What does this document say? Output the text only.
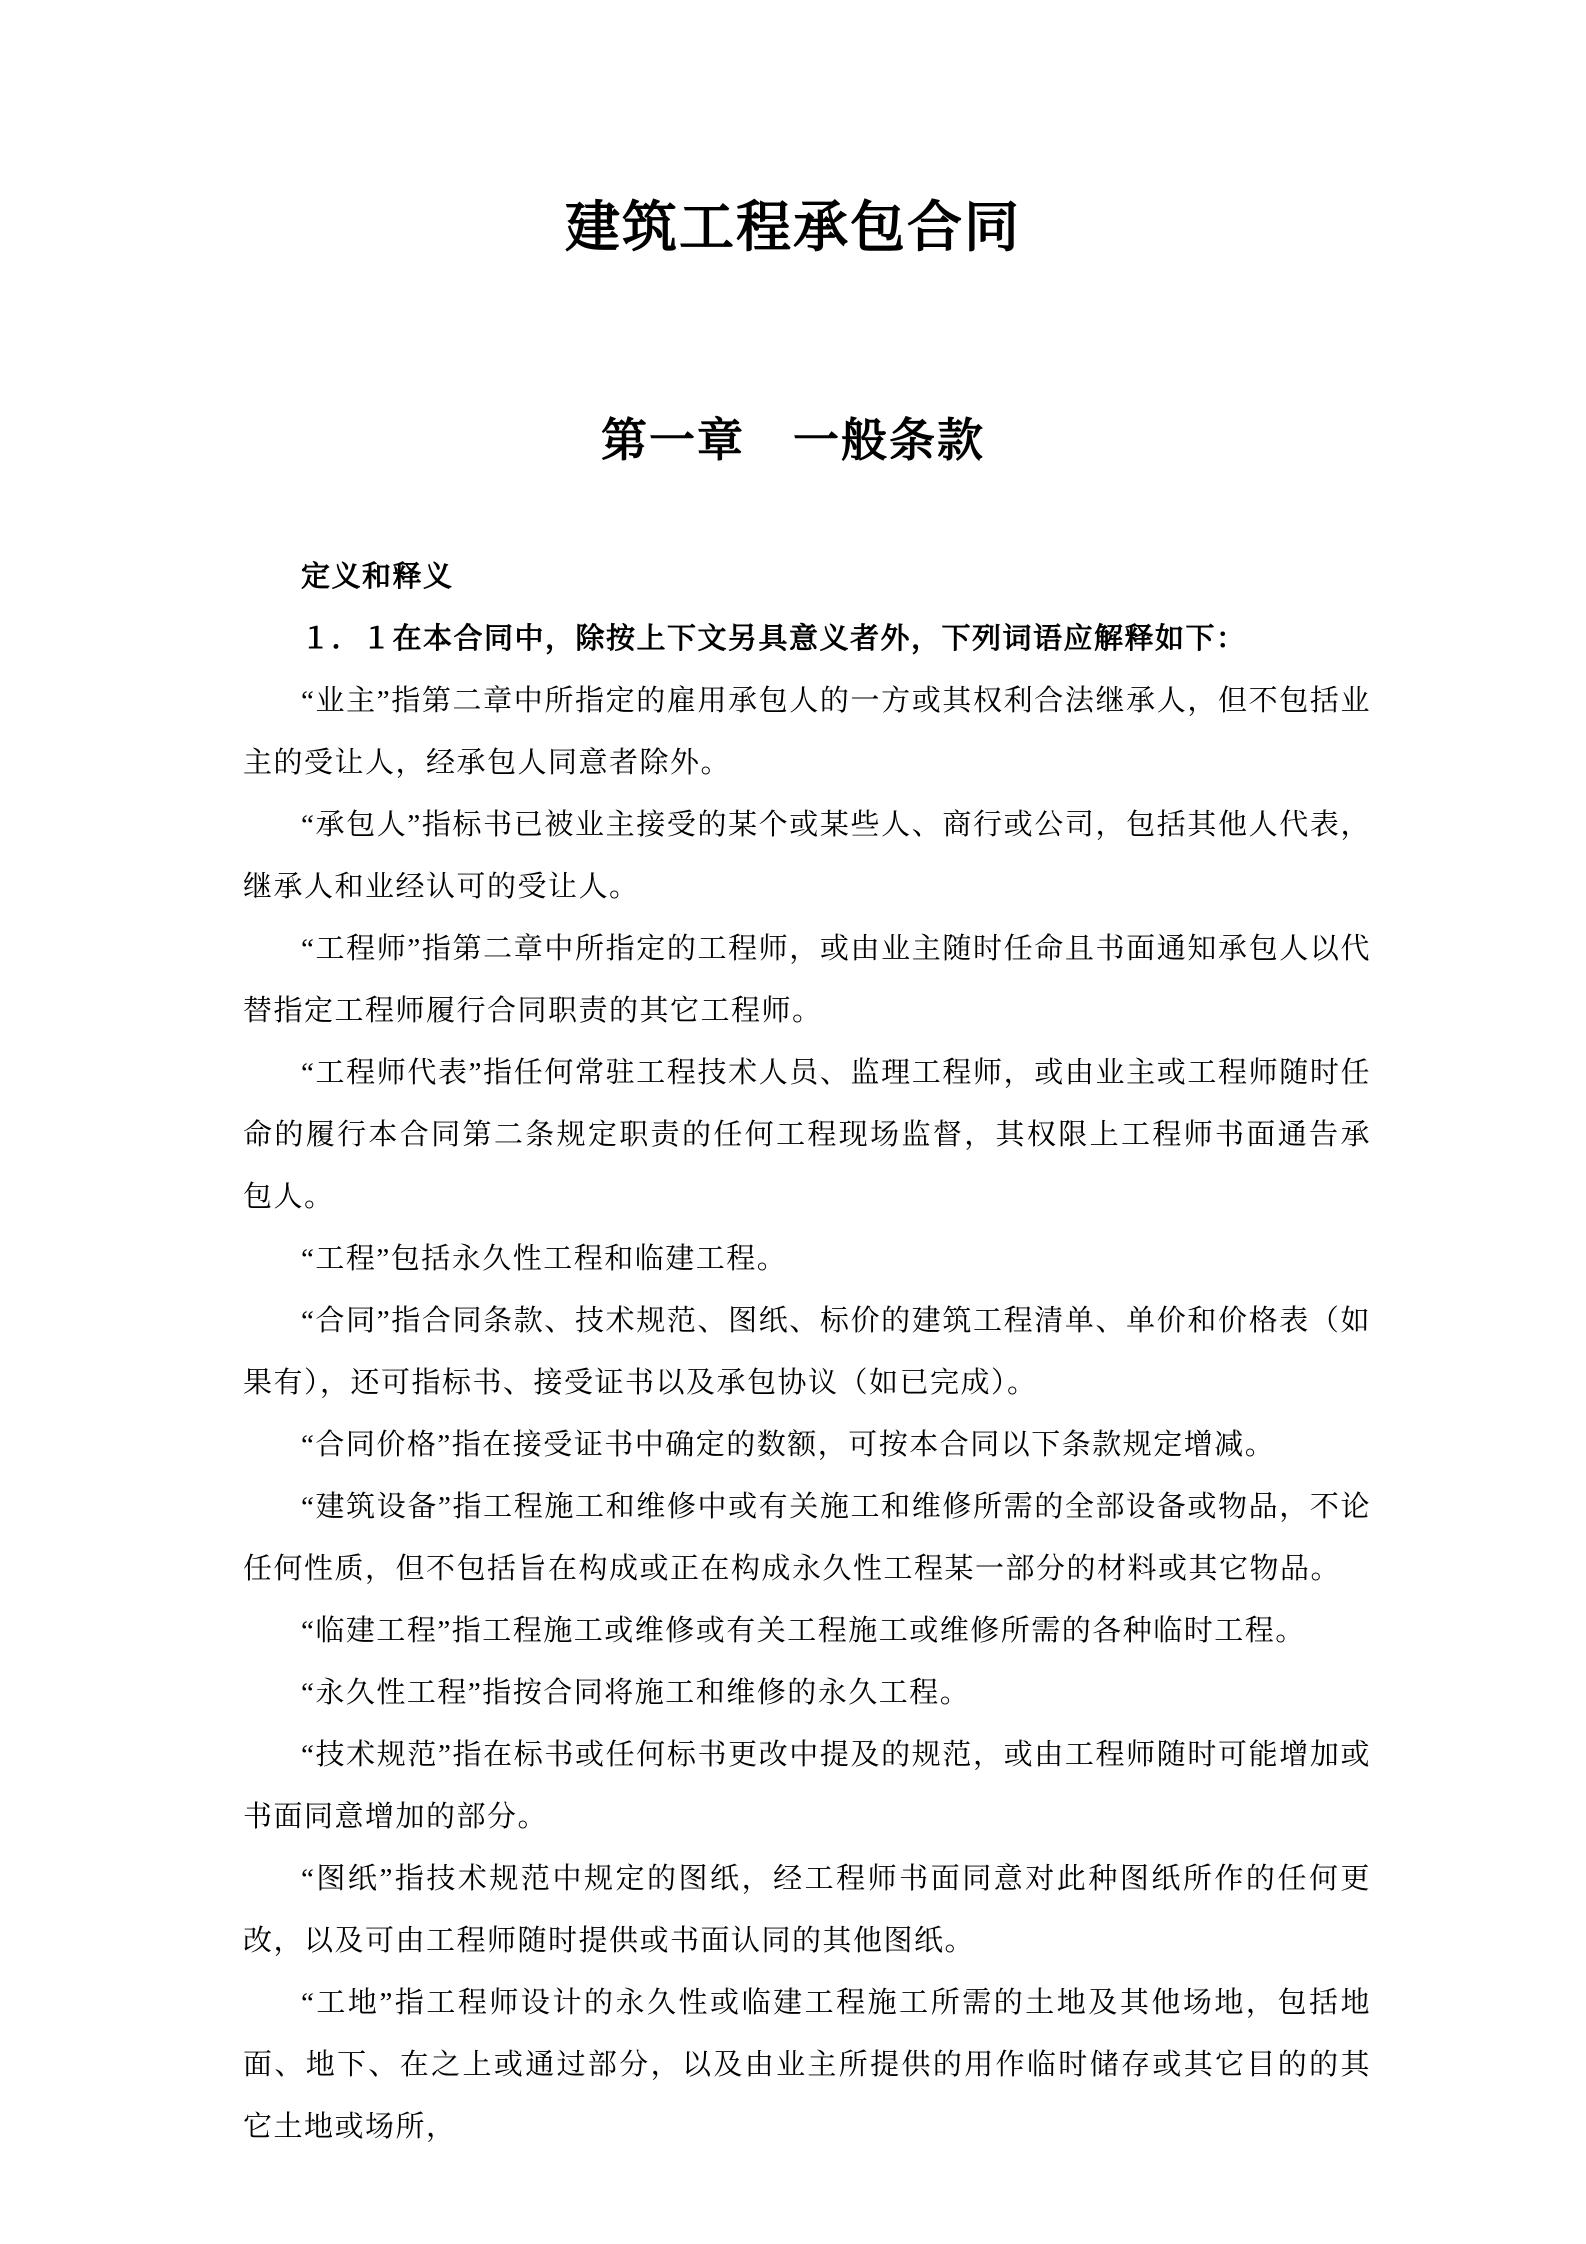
建筑工程承包合同
第一章　一般条款

定义和释义

１．１在本合同中，除按上下文另具意义者外，下列词语应解释如下：

“业主”指第二章中所指定的雇用承包人的一方或其权利合法继承人，但不包括业主的受让人，经承包人同意者除外。

“承包人”指标书已被业主接受的某个或某些人、商行或公司，包括其他人代表，继承人和业经认可的受让人。

“工程师”指第二章中所指定的工程师，或由业主随时任命且书面通知承包人以代替指定工程师履行合同职责的其它工程师。

“工程师代表”指任何常驻工程技术人员、监理工程师，或由业主或工程师随时任命的履行本合同第二条规定职责的任何工程现场监督，其权限上工程师书面通告承包人。

“工程”包括永久性工程和临建工程。

“合同”指合同条款、技术规范、图纸、标价的建筑工程清单、单价和价格表（如果有），还可指标书、接受证书以及承包协议（如已完成）。

“合同价格”指在接受证书中确定的数额，可按本合同以下条款规定增减。

“建筑设备”指工程施工和维修中或有关施工和维修所需的全部设备或物品，不论任何性质，但不包括旨在构成或正在构成永久性工程某一部分的材料或其它物品。

“临建工程”指工程施工或维修或有关工程施工或维修所需的各种临时工程。

“永久性工程”指按合同将施工和维修的永久工程。

“技术规范”指在标书或任何标书更改中提及的规范，或由工程师随时可能增加或书面同意增加的部分。

“图纸”指技术规范中规定的图纸，经工程师书面同意对此种图纸所作的任何更改，以及可由工程师随时提供或书面认同的其他图纸。

“工地”指工程师设计的永久性或临建工程施工所需的土地及其他场地，包括地面、地下、在之上或通过部分，以及由业主所提供的用作临时储存或其它目的的其它土地或场所，
